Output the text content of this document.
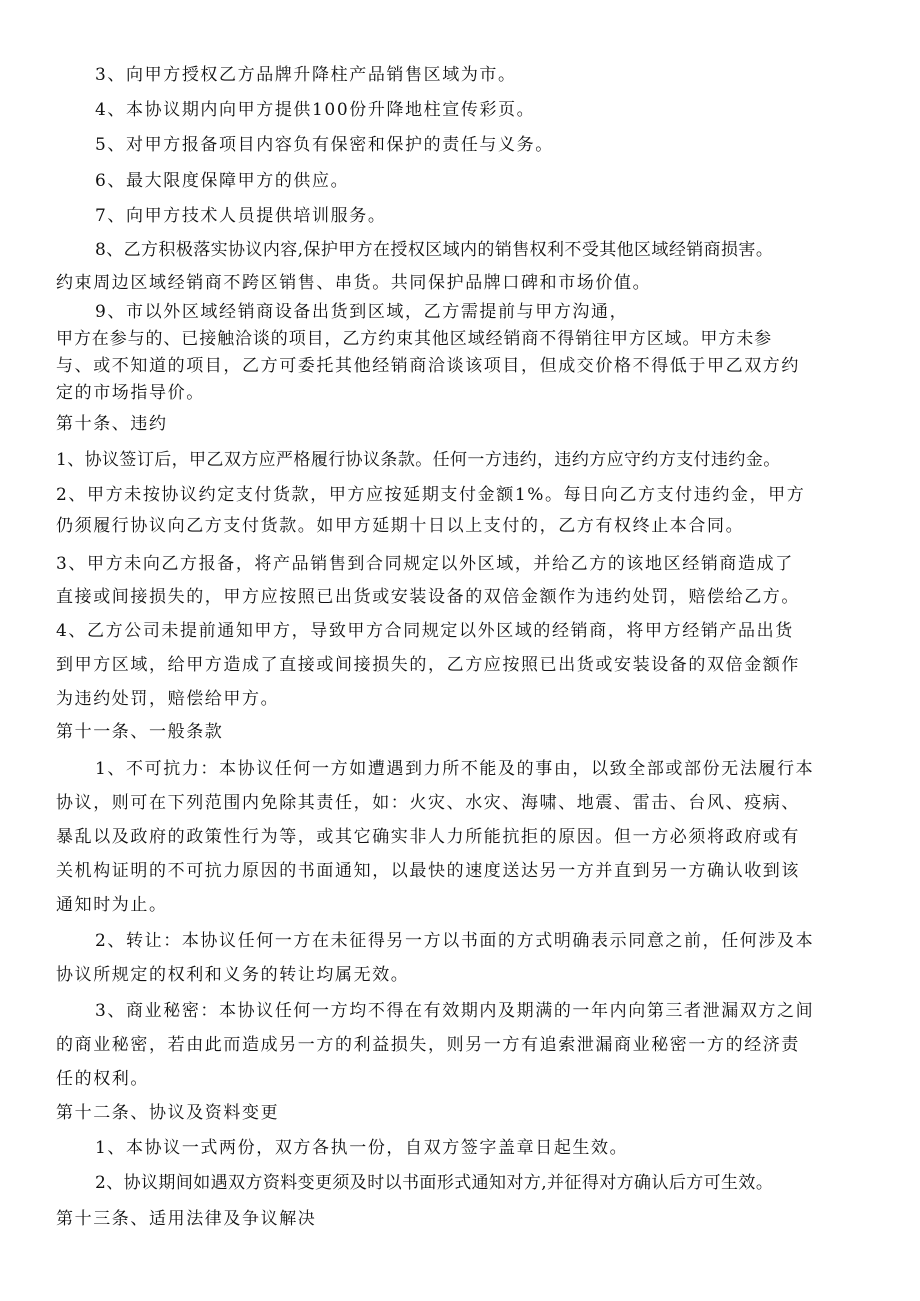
3、向甲方授权乙方品牌升降柱产品销售区域为市。
4、本协议期内向甲方提供100份升降地柱宣传彩页。
5、对甲方报备项目内容负有保密和保护的责任与义务。
6、最大限度保障甲方的供应。
7、向甲方技术人员提供培训服务。
8、乙方积极落实协议内容,保护甲方在授权区域内的销售权利不受其他区域经销商损害。
约束周边区域经销商不跨区销售、串货。共同保护品牌口碑和市场价值。
9、市以外区域经销商设备出货到区域，乙方需提前与甲方沟通，
甲方在参与的、已接触洽谈的项目，乙方约束其他区域经销商不得销往甲方区域。甲方未参
与、或不知道的项目，乙方可委托其他经销商洽谈该项目，但成交价格不得低于甲乙双方约
定的市场指导价。
第十条、违约
1、协议签订后，甲乙双方应严格履行协议条款。任何一方违约，违约方应守约方支付违约金。
2、甲方未按协议约定支付货款，甲方应按延期支付金额1%。每日向乙方支付违约金，甲方
仍须履行协议向乙方支付货款。如甲方延期十日以上支付的，乙方有权终止本合同。
3、甲方未向乙方报备，将产品销售到合同规定以外区域，并给乙方的该地区经销商造成了
直接或间接损失的，甲方应按照已出货或安装设备的双倍金额作为违约处罚，赔偿给乙方。
4、乙方公司未提前通知甲方，导致甲方合同规定以外区域的经销商，将甲方经销产品出货
到甲方区域，给甲方造成了直接或间接损失的，乙方应按照已出货或安装设备的双倍金额作
为违约处罚，赔偿给甲方。
第十一条、一般条款
1、不可抗力：本协议任何一方如遭遇到力所不能及的事由，以致全部或部份无法履行本
协议，则可在下列范围内免除其责任，如：火灾、水灾、海啸、地震、雷击、台风、疫病、
暴乱以及政府的政策性行为等，或其它确实非人力所能抗拒的原因。但一方必须将政府或有
关机构证明的不可抗力原因的书面通知，以最快的速度送达另一方并直到另一方确认收到该
通知时为止。
2、转让：本协议任何一方在未征得另一方以书面的方式明确表示同意之前，任何涉及本
协议所规定的权利和义务的转让均属无效。
3、商业秘密：本协议任何一方均不得在有效期内及期满的一年内向第三者泄漏双方之间
的商业秘密，若由此而造成另一方的利益损失，则另一方有追索泄漏商业秘密一方的经济责
任的权利。
第十二条、协议及资料变更
1、本协议一式两份，双方各执一份，自双方签字盖章日起生效。
2、协议期间如遇双方资料变更须及时以书面形式通知对方,并征得对方确认后方可生效。
第十三条、适用法律及争议解决
